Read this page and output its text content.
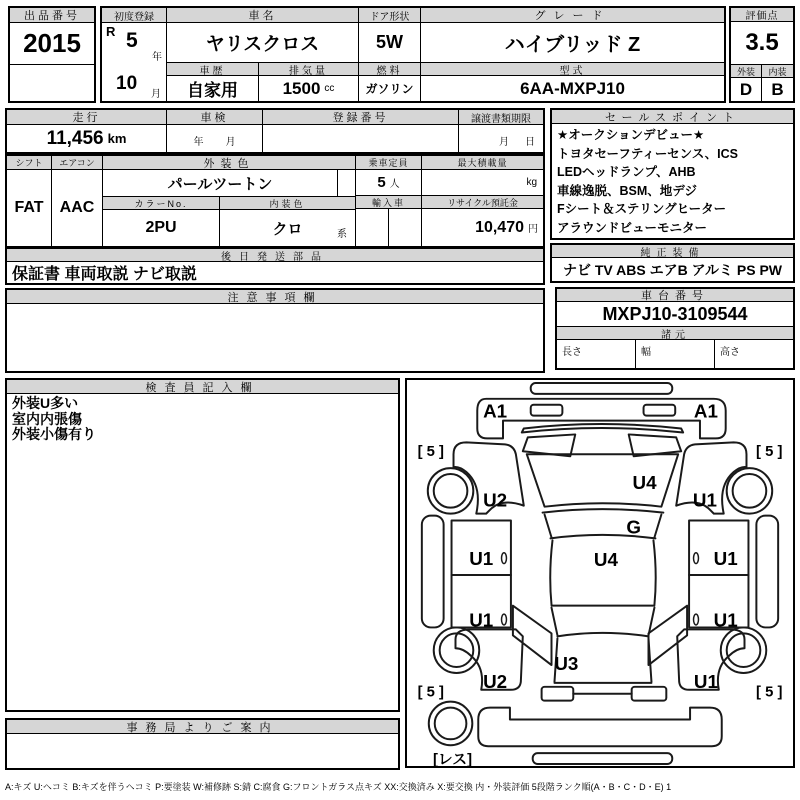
出品番号
2015
初度登録
R 5
年
10
月
車名
ヤリスクロス
車歴
自家用
排気量
1500 cc
ドア形状
5W
燃料
ガソリン
グレード
ハイブリッド Z
型式
6AA-MXPJ10
評価点
3.5
外装
D
内装
B
走行
11,456 km
車検
年 月
登録番号	譲渡書類期限
月 日
シフト
FAT
エアコン
AAC
外装色
パールツートン
カラーNo.	内装色
2PU	クロ	系
乗車定員
5 人
輸入車
最大積載量
kg
リサイクル預託金
10,470 円
セールスポイント
★オークションデビュー★
トヨタセーフティーセンス、ICS
LEDヘッドランプ、AHB
車線逸脱、BSM、地デジ
Fシート＆ステリングヒーター
アラウンドビューモニター
後日発送部品
保証書 車両取説 ナビ取説
純正装備
ナビ TV ABS エアB アルミ PS PW
注意事項欄	車台番号
MXPJ10-3109544
諸元
長さ	幅	高さ
検査員記入欄
外装U多い
室内内張傷
外装小傷有り
A1	A1
[ 5 ]	[ 5 ]
U4
U2	U1
G
U4
U1	U1
U1	U1
U3
U2	U1
[ 5 ]	[ 5 ]
[レス]
事務局よりご案内
A:キズ U:ヘコミ B:キズを伴うヘコミ P:要塗装 W:補修跡 S:錆 C:腐食 G:フロントガラス点キズ XX:交換済み X:要交換 内・外装評価 5段階ランク順(A・B・C・D・E) 1
